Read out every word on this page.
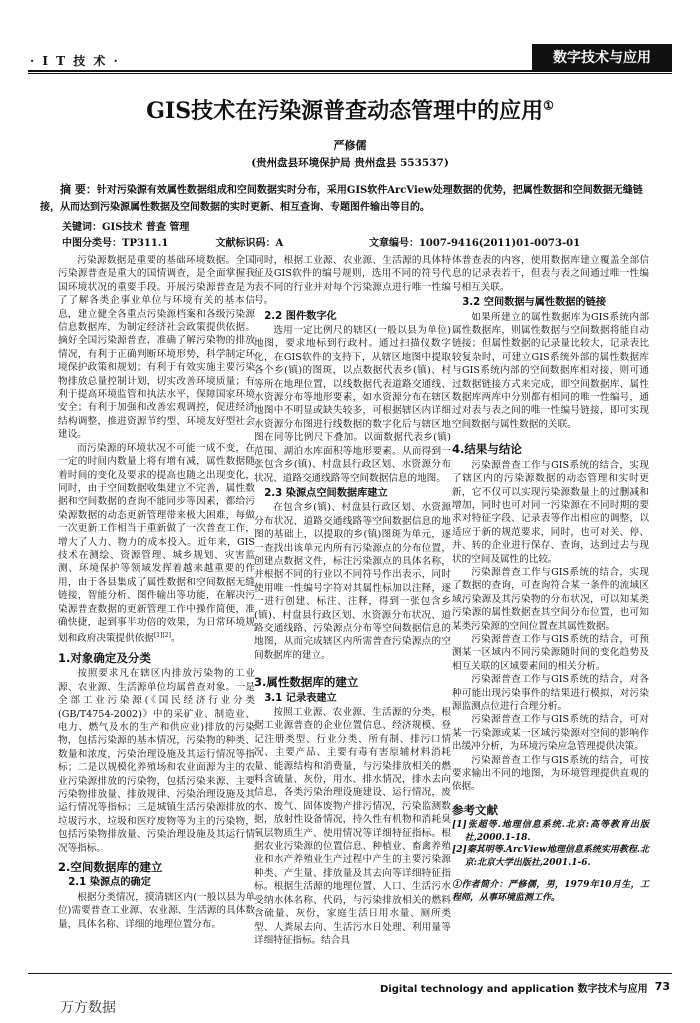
· I T 技 术 ·	数字技术与应用
GIS技术在污染源普查动态管理中的应用①
严修儒
(贵州盘县环境保护局 贵州盘县 553537)
摘 要：针对污染源有效属性数据组成和空间数据实时分布，采用GIS软件ArcView处理数据的优势，把属性数据和空间数据无缝链接，从而达到污染源属性数据及空间数据的实时更新、相互查询、专题图件输出等目的。
关键词：GIS技术 普查 管理
中图分类号：TP311.1	文献标识码：A	文章编号：1007-9416(2011)01-0073-01

污染源数据是重要的基础环境数据。全国污染源普查是重大的国情调查，是全面掌握我国环境状况的重要手段。开展污染源普查是为了了解各类企事业单位与环境有关的基本信息，建立健全各重点污染源档案和各级污染源信息数据库，为制定经济社会政策提供依据。摘好全国污染源普查，准确了解污染物的排放情况，有利于正确判断环境形势，科学制定环境保护政策和规划；有利于有效实施主要污染物排放总量控制计划，切实改善环境质量；有利于提高环境监管和执法水平，保障国家环境安全；有利于加强和改善宏观调控，促进经济结构调整，推进资源节约型、环境友好型社会建设。

而污染源的环境状况不可能一成不变，在一定的时间内数量上将有增有减，属性数据随着时间的变化及要求的提高也随之出现变化，同时，由于空间数据收集建立不完善，属性数据和空间数据的查询不能同步等因素，都给污染源数据的动态更新管理带来极大困难，每做一次更新工作相当于重新做了一次普查工作，增大了人力、物力的成本投入。近年来，GIS技术在测绘、资源管理、城乡规划、灾害监测、环境保护等领域发挥着越来越重要的作用，由于各县集成了属性数据和空间数据无缝链接，智能分析、图件输出等功能，在解决污染源普查数据的更新管理工作中操作简便，准确快捷，起到事半功倍的效果，为日常环境规划和政府决策提供依据[1][2]。

1.对象确定及分类

按照要求凡在辖区内排放污染物的工业源、农业源、生活源单位均属普查对象。一是全部工业污染源(《国民经济行业分类(GB/T4754-2002)》中的采矿业、制造业、电力、燃气及水的生产和供应业)排放的污染物，包括污染源的基本情况，污染物的种类、数量和浓度，污染治理设施及其运行情况等指标；二是以规模化养殖场和农业面源为主的农业污染源排放的污染物，包括污染来源、主要污染物排放量、排放规律、污染治理设施及其运行情况等指标；三是城镇生活污染源排放的垃圾污水、垃圾和医疗废物等为主的污染物，包括污染物排放量、污染治理设施及其运行情况等指标。

2.空间数据库的建立
2.1 染源点的确定

根据分类情况，摸清辖区内(一般以县为单位)需要普查工业源、农业源、生活源的具体数量，具体名称、详细的地理位置分布。

同时，根据工业源、农业源、生活源的具体特征及GIS软件的编号规则，选用不同的符号代表不同的行业并对每个污染源点进行唯一性编号。

2.2 图件数字化

选用一定比例尺的辖区(一般以县为单位)地图，要求地标到行政村。通过扫描仪数字化，在GIS软件的支持下，从辖区地图中提取各个乡(镇)的图斑，以点数据代表乡(镇)、村等所在地理位置，以线数据代表道路交通线、水资源分布等地形要素，如水资源分布在辖区地图中不明显或缺失较多，可根据辖区内详细水资源分布图进行线数据的数字化后与辖区地图在同等比例尺下叠加。以面数据代表乡(镇)范围、湖泊水库面积等地形要素。从而得到一张包含乡(镇)、村盘县行政区划、水资源分布状况、道路交通线路等空间数据信息的地图。

2.3 染源点空间数据库建立

在包含乡(镇)、村盘县行政区划、水资源分布状况、道路交通线路等空间数据信息的地图的基础上，以提取的乡(镇)图斑为单元，逐一查找出该单元内所有污染源点的分布位置，创建点数据文件，标注污染源点的具体名称，并根据不同的行业以不同符号作出表示，同时使用唯一性编号字符对其属性标加以注释，逐一进行创建、标注、注释，得到一张包含乡(镇)、村盘县行政区划、水资源分布状况、道路交通线路、污染源点分布等空间数据信息的地图，从而完成辖区内所需普查污染源点的空间数据库的建立。

3.属性数据库的建立
3.1 记录表建立

按照工业源、农业源、生活源的分类，根据工业源普查的企业位置信息、经济规模、登记注册类型、行业分类、所有制、排污口情况、主要产品、主要有毒有害原辅材料消耗量、能源结构和消费量，与污染排放相关的燃料含硫量、灰份，用水、排水情况，排水去向信息，各类污染治理设施建设、运行情况，废水、废气、固体废物产排污情况，污染监测数据，放射性设备情况，持久性有机物和消耗臭氧层物质生产、使用情况等详细特征指标。根据农业污染源的位置信息、种植业、畜禽养殖业和水产养殖业生产过程中产生的主要污染源种类、产生量、排放量及其去向等详细特征指标。根据生活源的地理位置、人口、生活污水受纳水体名称、代码，与污染排放相关的燃料含硫量、灰份，家庭生活日用水量、厕所类型、人粪尿去向、生活污水日处理、利用量等详细特征指标。结合具

体普查表的内容，使用数据库建立覆盖全部信息的记录表若干，但表与表之间通过唯一性编号相互关联。

3.2 空间数据与属性数据的链接

如果所建立的属性数据库为GIS系统内部属性数据库，则属性数据与空间数据将能自动链接；但属性数据的记录量比较大，记录表比较复杂时，可建立GIS系统外部的属性数据库与GIS系统内部的空间数据库相对接，则可通过数据链接方式来完成，即空间数据库、属性数据库两库中分别都有相同的唯一性编号，通过对表与表之间的唯一性编号链接，即可实现空间数据与属性数据的关联。

4.结果与结论

污染源普查工作与GIS系统的结合，实现了辖区内的污染源数据的动态管理和实时更新，它不仅可以实现污染源数量上的过删减和增加，同时也可对同一污染源在不同时期的要求对特征字段、记录表等作出相应的调整，以适应于新的规范要求，同时，也可对关、停、并、转的企业进行保存、查询，达到过去与现状的空间及属性的比较。

污染源普查工作与GIS系统的结合，实现了数据的查询，可查询符合某一条件的流域区域污染源及其污染物的分布状况，可以知某类污染源的属性数据查其空间分布位置，也可知某类污染源的空间位置查其属性数据。

污染源普查工作与GIS系统的结合，可预测某一区域内不同污染源随时间的变化趋势及相互关联的区域要素间的相关分析。

污染源普查工作与GIS系统的结合，对各种可能出现污染事件的结果进行模拟，对污染源监测点位进行合理分析。

污染源普查工作与GIS系统的结合，可对某一污染源或某一区域污染源对空间的影响作出缓冲分析，为环境污染应急管理提供决策。

污染源普查工作与GIS系统的结合，可按要求输出不同的地图，为环境管理提供直观的依据。

参考文献

[1]张超等.地理信息系统.北京:高等教育出版社,2000.1-18.

[2]秦其明等.ArcView地理信息系统实用教程.北京:北京大学出版社,2001.1-6.

①作者简介：严修儒，男，1979年10月生，工程师，从事环境监测工作。

Digital technology and application 数字技术与应用 73
万方数据
